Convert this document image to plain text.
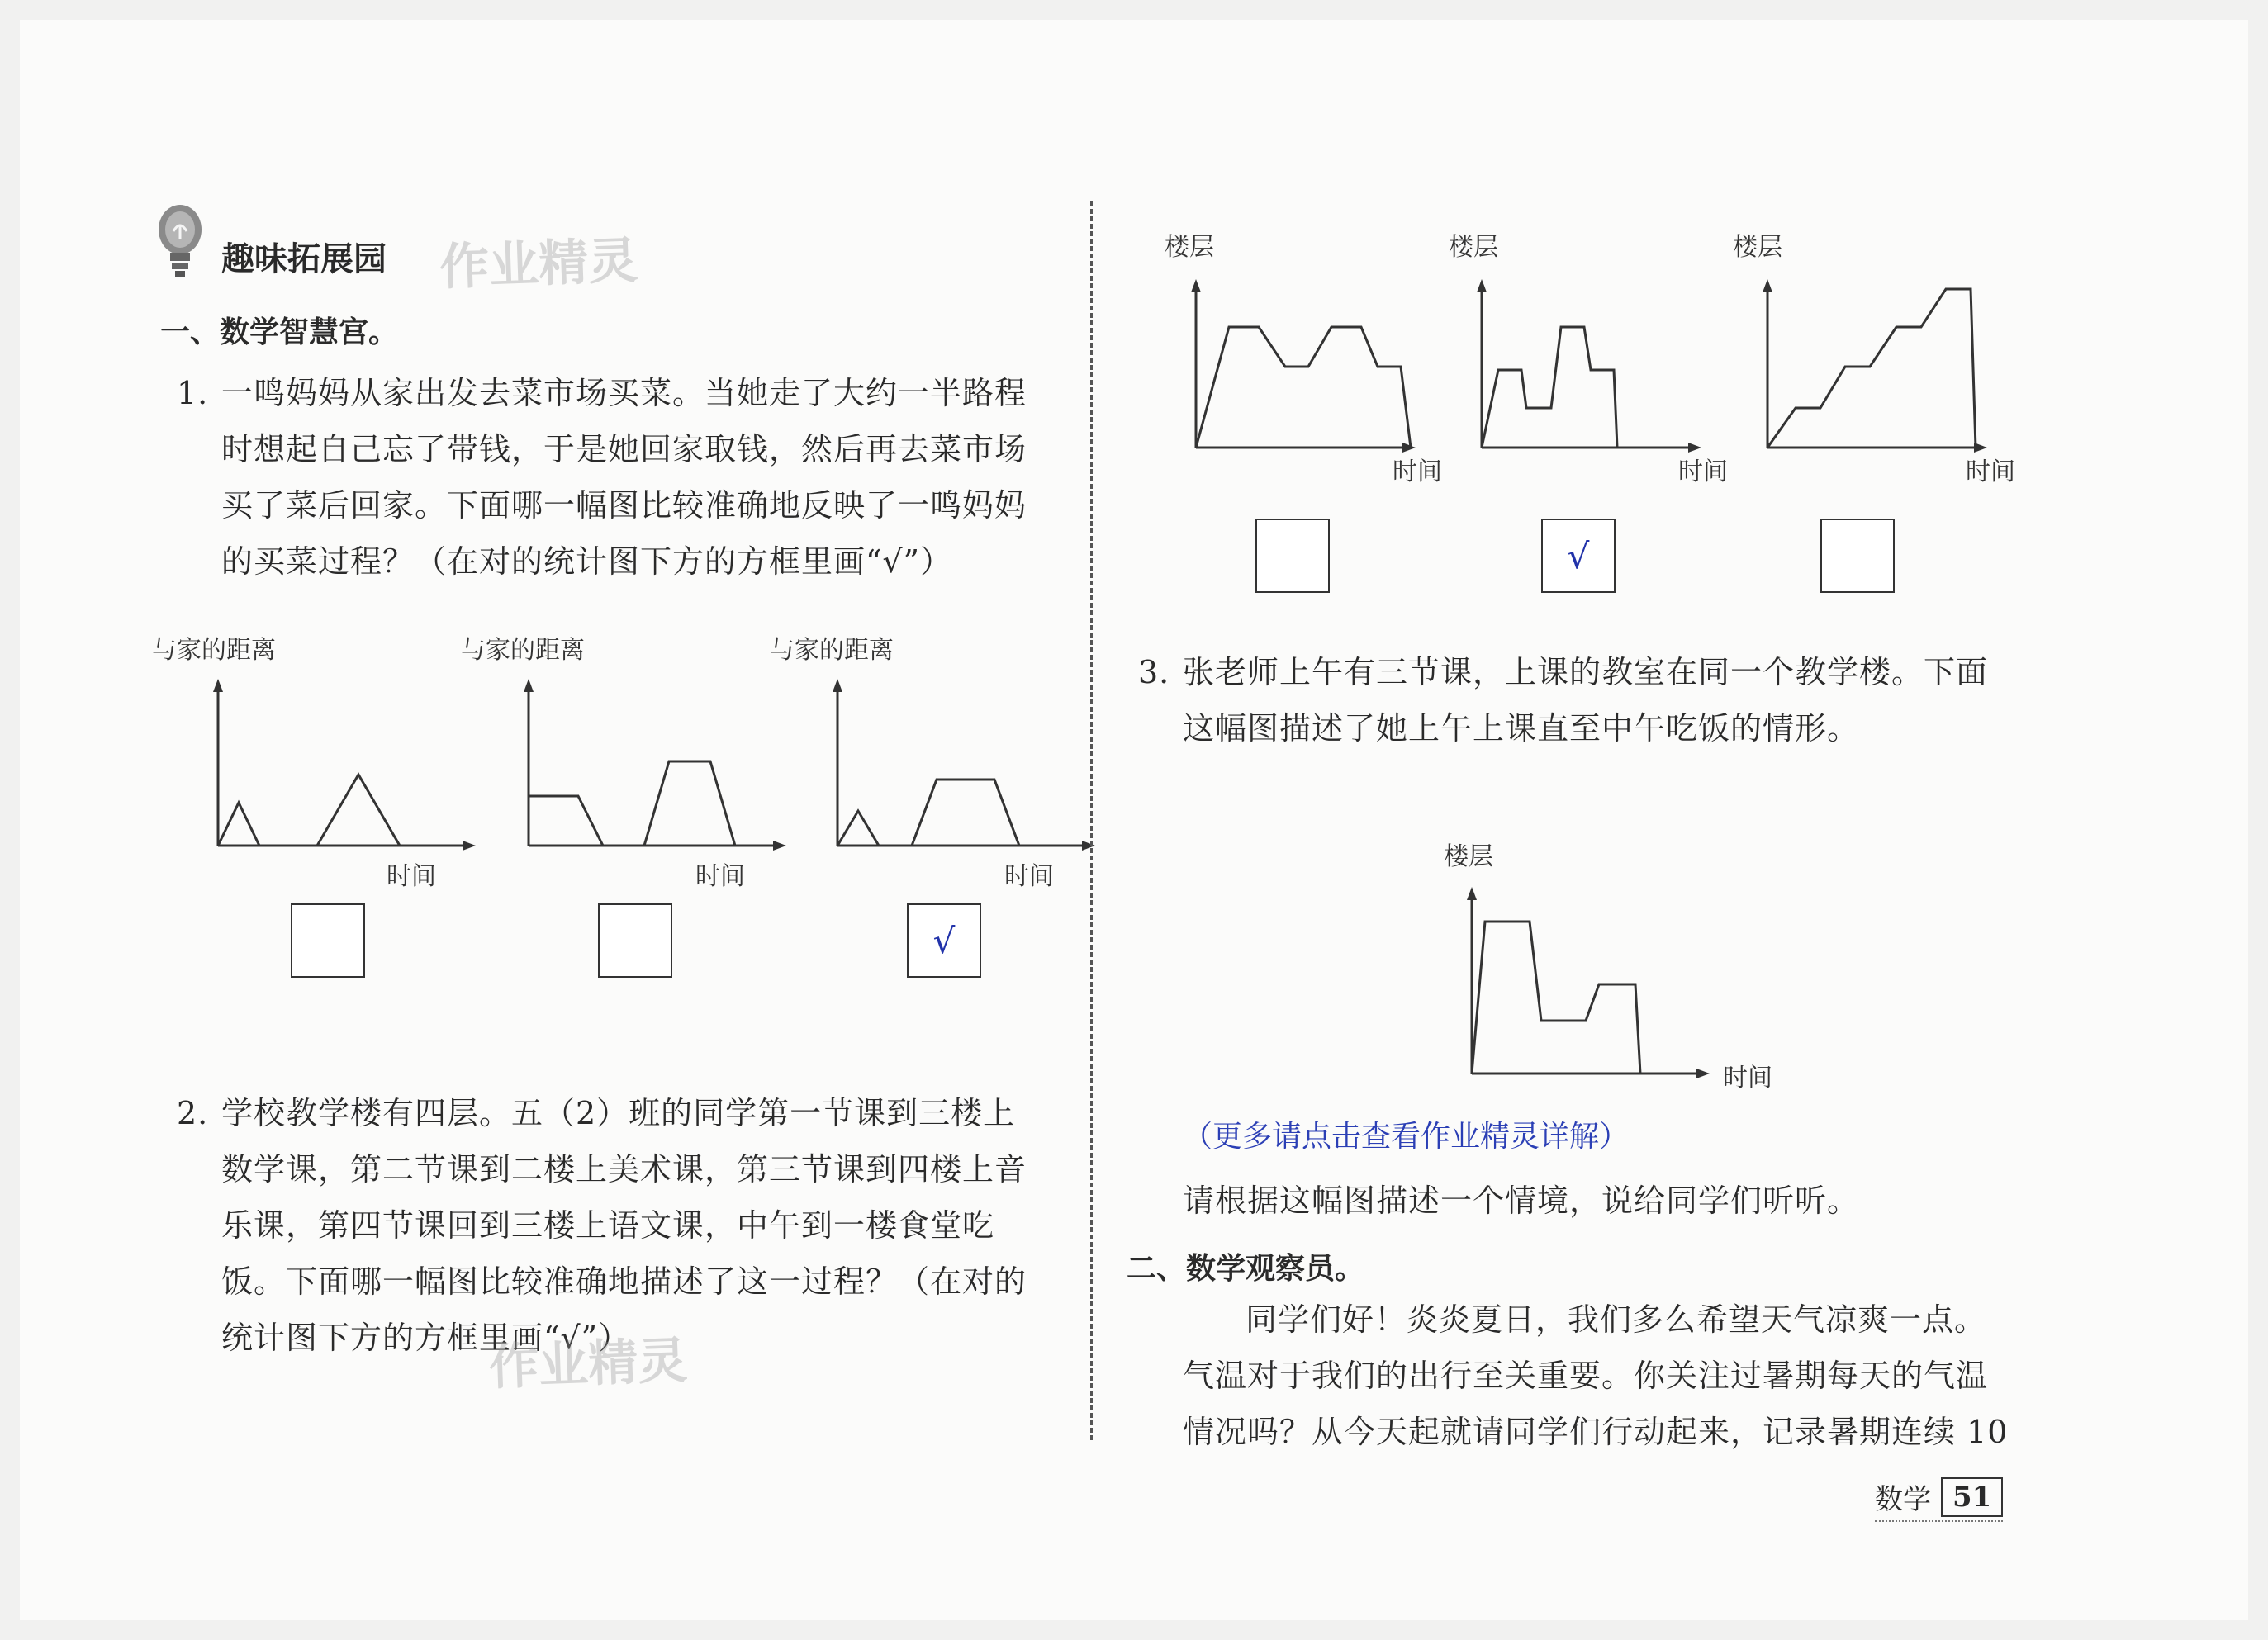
趣味拓展园 作业精灵
一、数学智慧宫。
1. 一鸣妈妈从家出发去菜市场买菜。当她走了大约一半路程
时想起自己忘了带钱，于是她回家取钱，然后再去菜市场
买了菜后回家。下面哪一幅图比较准确地反映了一鸣妈妈
的买菜过程？（在对的统计图下方的方框里画“√”）
与家的距离
时间
与家的距离
时间
与家的距离
时间
√
2. 学校教学楼有四层。五（2）班的同学第一节课到三楼上
数学课，第二节课到二楼上美术课，第三节课到四楼上音
乐课，第四节课回到三楼上语文课，中午到一楼食堂吃
饭。下面哪一幅图比较准确地描述了这一过程？（在对的
统计图下方的方框里画“√”）
作业精灵
楼层
时间
楼层
时间
√
楼层
时间
3. 张老师上午有三节课，上课的教室在同一个教学楼。下面
这幅图描述了她上午上课直至中午吃饭的情形。
楼层
时间
（更多请点击查看作业精灵详解）
请根据这幅图描述一个情境，说给同学们听听。
二、数学观察员。
同学们好！炎炎夏日，我们多么希望天气凉爽一点。
气温对于我们的出行至关重要。你关注过暑期每天的气温
情况吗？从今天起就请同学们行动起来，记录暑期连续 10
数学 51
